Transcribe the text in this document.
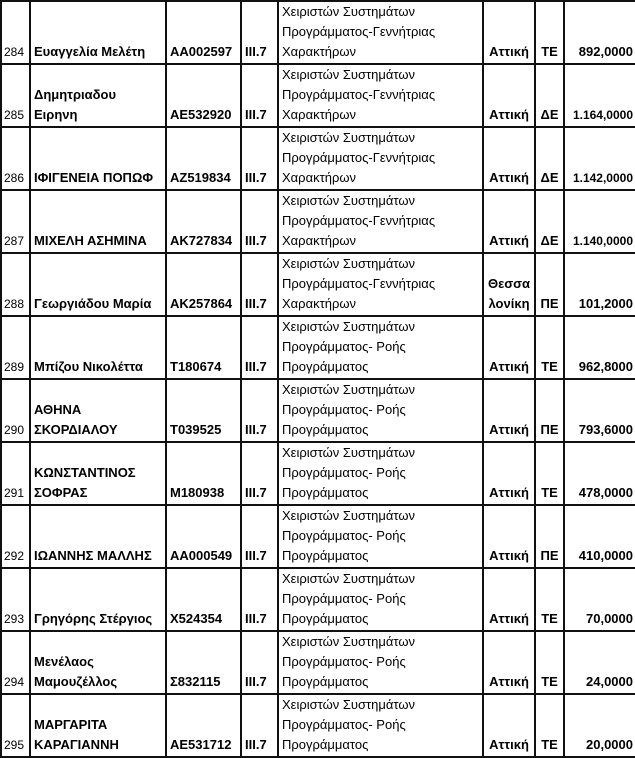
284	Ευαγγελία Μελέτη	ΑΑ002597	ΙΙΙ.7	Χειριστών Συστημάτων Προγράμματος-Γεννήτριας Χαρακτήρων	Αττική	ΤΕ	892,0000
285	Δημητριαδου Ειρηνη	ΑΕ532920	ΙΙΙ.7	Χειριστών Συστημάτων Προγράμματος-Γεννήτριας Χαρακτήρων	Αττική	ΔΕ	1.164,0000
286	ΙΦΙΓΕΝΕΙΑ ΠΟΠΩΦ	ΑΖ519834	ΙΙΙ.7	Χειριστών Συστημάτων Προγράμματος-Γεννήτριας Χαρακτήρων	Αττική	ΔΕ	1.142,0000
287	ΜΙΧΕΛΗ ΑΣΗΜΙΝΑ	ΑΚ727834	ΙΙΙ.7	Χειριστών Συστημάτων Προγράμματος-Γεννήτριας Χαρακτήρων	Αττική	ΔΕ	1.140,0000
288	Γεωργιάδου Μαρία	ΑΚ257864	ΙΙΙ.7	Χειριστών Συστημάτων Προγράμματος-Γεννήτριας Χαρακτήρων	Θεσσα λονίκη	ΠΕ	101,2000
289	Μπίζου Νικολέττα	Τ180674	ΙΙΙ.7	Χειριστών Συστημάτων Προγράμματος- Ροής Προγράμματος	Αττική	ΤΕ	962,8000
290	ΑΘΗΝΑ ΣΚΟΡΔΙΑΛΟΥ	Τ039525	ΙΙΙ.7	Χειριστών Συστημάτων Προγράμματος- Ροής Προγράμματος	Αττική	ΠΕ	793,6000
291	ΚΩΝΣΤΑΝΤΙΝΟΣ ΣΟΦΡΑΣ	Μ180938	ΙΙΙ.7	Χειριστών Συστημάτων Προγράμματος- Ροής Προγράμματος	Αττική	ΤΕ	478,0000
292	ΙΩΑΝΝΗΣ ΜΑΛΛΗΣ	ΑΑ000549	ΙΙΙ.7	Χειριστών Συστημάτων Προγράμματος- Ροής Προγράμματος	Αττική	ΠΕ	410,0000
293	Γρηγόρης Στέργιος	Χ524354	ΙΙΙ.7	Χειριστών Συστημάτων Προγράμματος- Ροής Προγράμματος	Αττική	ΤΕ	70,0000
294	Μενέλαος Μαμουζέλλος	Σ832115	ΙΙΙ.7	Χειριστών Συστημάτων Προγράμματος- Ροής Προγράμματος	Αττική	ΤΕ	24,0000
295	ΜΑΡΓΑΡΙΤΑ ΚΑΡΑΓΙΑΝΝΗ	ΑΕ531712	ΙΙΙ.7	Χειριστών Συστημάτων Προγράμματος- Ροής Προγράμματος	Αττική	ΤΕ	20,0000
